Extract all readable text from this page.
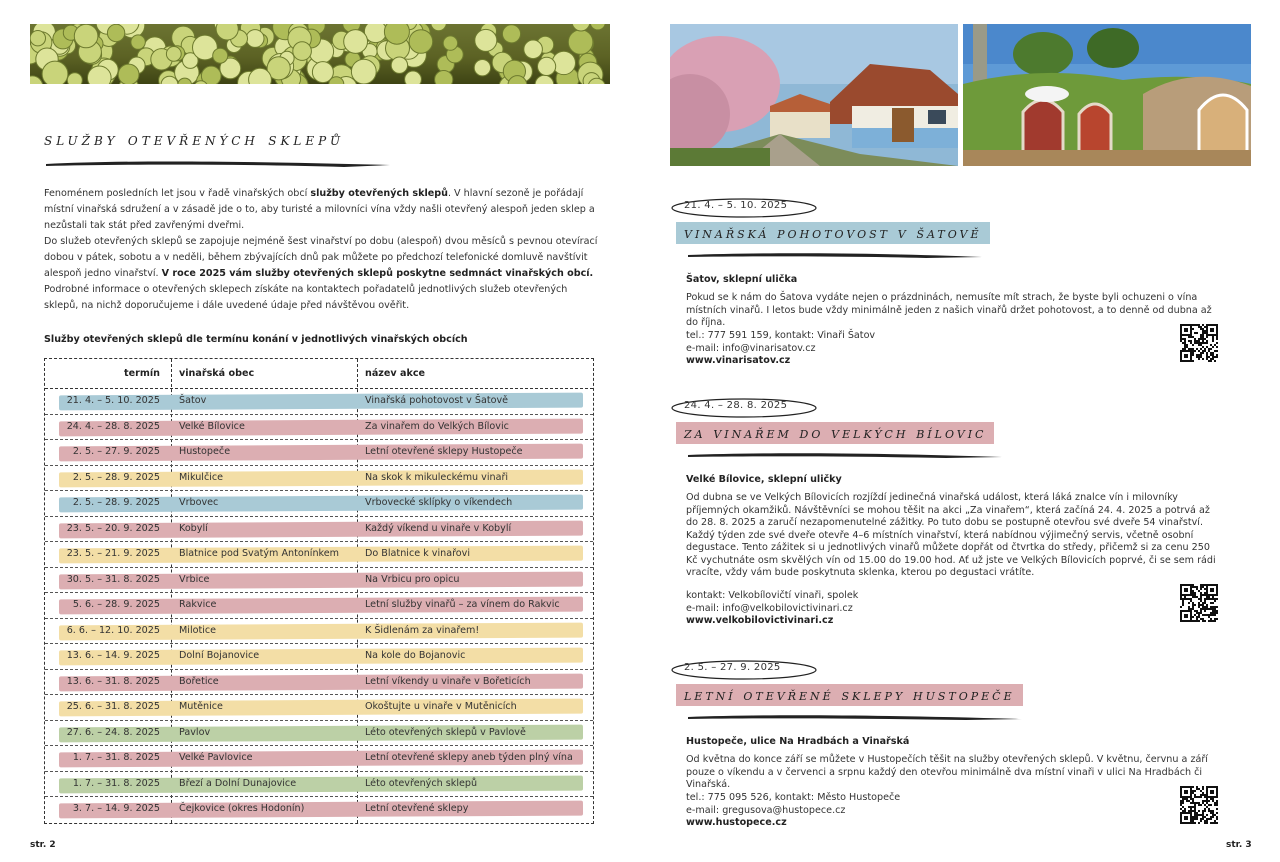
služby otevřených sklepů

Fenoménem posledních let jsou v řadě vinařských obcí služby otevřených sklepů. V hlavní sezoně je pořádají místní vinařská sdružení a v zásadě jde o to, aby turisté a milovníci vína vždy našli otevřený alespoň jeden sklep a nezůstali tak stát před zavřenými dveřmi.

Do služeb otevřených sklepů se zapojuje nejméně šest vinařství po dobu (alespoň) dvou měsíců s pevnou otevírací dobou v pátek, sobotu a v neděli, během zbývajících dnů pak můžete po předchozí telefonické domluvě navštívit alespoň jedno vinařství. V roce 2025 vám služby otevřených sklepů poskytne sedmnáct vinařských obcí.

Podrobné informace o otevřených sklepech získáte na kontaktech pořadatelů jednotlivých služeb otevřených sklepů, na nichž doporučujeme i dále uvedené údaje před návštěvou ověřit.

Služby otevřených sklepů dle termínu konání v jednotlivých vinařských obcích
termín vinařská obec	název akce
21. 4. – 5. 10. 2025 Šatov	Vinařská pohotovost v Šatově
24. 4. – 28. 8. 2025 Velké Bílovice	Za vinařem do Velkých Bílovic
2. 5. – 27. 9. 2025 Hustopeče	Letní otevřené sklepy Hustopeče
2. 5. – 28. 9. 2025 Mikulčice	Na skok k mikuleckému vinaři
2. 5. – 28. 9. 2025 Vrbovec	Vrbovecké sklípky o víkendech
23. 5. – 20. 9. 2025 Kobylí	Každý víkend u vinaře v Kobylí
23. 5. – 21. 9. 2025 Blatnice pod Svatým Antonínkem	Do Blatnice k vinařovi
30. 5. – 31. 8. 2025 Vrbice	Na Vrbicu pro opicu
5. 6. – 28. 9. 2025 Rakvice	Letní služby vinařů – za vínem do Rakvic
6. 6. – 12. 10. 2025 Milotice	K Šidlenám za vinařem!
13. 6. – 14. 9. 2025 Dolní Bojanovice	Na kole do Bojanovic
13. 6. – 31. 8. 2025 Bořetice	Letní víkendy u vinaře v Bořeticích
25. 6. – 31. 8. 2025 Mutěnice	Okoštujte u vinaře v Mutěnicích
27. 6. – 24. 8. 2025 Pavlov	Léto otevřených sklepů v Pavlově
1. 7. – 31. 8. 2025 Velké Pavlovice	Letní otevřené sklepy aneb týden plný vína
1. 7. – 31. 8. 2025 Březí a Dolní Dunajovice	Léto otevřených sklepů
3. 7. – 14. 9. 2025 Čejkovice (okres Hodonín)	Letní otevřené sklepy
str. 2
21. 4. – 5. 10. 2025
vinařská pohotovost v šatově
Šatov, sklepní ulička
Pokud se k nám do Šatova vydáte nejen o prázdninách, nemusíte mít strach, že byste byli ochuzeni o vína místních vinařů. I letos bude vždy minimálně jeden z našich vinařů držet pohotovost, a to denně od dubna až do října.
tel.: 777 591 159, kontakt: Vinaři Šatov
e-mail: info@vinarisatov.cz
www.vinarisatov.cz
24. 4. – 28. 8. 2025
za vinařem do velkých bílovic
Velké Bílovice, sklepní uličky
Od dubna se ve Velkých Bílovicích rozjíždí jedinečná vinařská událost, která láká znalce vín i milovníky příjemných okamžiků. Návštěvníci se mohou těšit na akci „Za vinařem“, která začíná 24. 4. 2025 a potrvá až do 28. 8. 2025 a zaručí nezapomenutelné zážitky. Po tuto dobu se postupně otevřou své dveře 54 vinařství. Každý týden zde své dveře otevře 4–6 místních vinařství, která nabídnou výjimečný servis, včetně osobní degustace. Tento zážitek si u jednotlivých vinařů můžete dopřát od čtvrtka do středy, přičemž si za cenu 250 Kč vychutnáte osm skvělých vín od 15.00 do 19.00 hod. Ať už jste ve Velkých Bílovicích poprvé, či se sem rádi vracíte, vždy vám bude poskytnuta sklenka, kterou po degustaci vrátíte.
kontakt: Velkobílovičtí vinaři, spolek
e-mail: info@velkobilovictivinari.cz
www.velkobilovictivinari.cz
2. 5. – 27. 9. 2025
letní otevřené sklepy hustopeče
Hustopeče, ulice Na Hradbách a Vinařská
Od května do konce září se můžete v Hustopečích těšit na služby otevřených sklepů. V květnu, červnu a září pouze o víkendu a v červenci a srpnu každý den otevřou minimálně dva místní vinaři v ulici Na Hradbách či Vinařská.
tel.: 775 095 526, kontakt: Město Hustopeče
e-mail: gregusova@hustopece.cz
www.hustopece.cz
str. 3
